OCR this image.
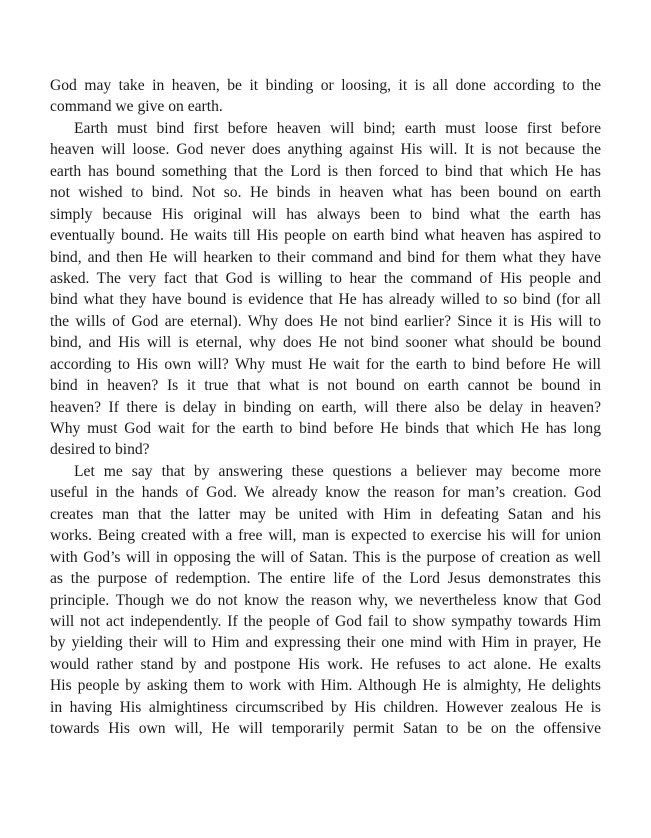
God may take in heaven, be it binding or loosing, it is all done according to the
command we give on earth.
Earth must bind first before heaven will bind; earth must loose first before
heaven will loose. God never does anything against His will. It is not because the
earth has bound something that the Lord is then forced to bind that which He has
not wished to bind. Not so. He binds in heaven what has been bound on earth
simply because His original will has always been to bind what the earth has
eventually bound. He waits till His people on earth bind what heaven has aspired to
bind, and then He will hearken to their command and bind for them what they have
asked. The very fact that God is willing to hear the command of His people and
bind what they have bound is evidence that He has already willed to so bind (for all
the wills of God are eternal). Why does He not bind earlier? Since it is His will to
bind, and His will is eternal, why does He not bind sooner what should be bound
according to His own will? Why must He wait for the earth to bind before He will
bind in heaven? Is it true that what is not bound on earth cannot be bound in
heaven? If there is delay in binding on earth, will there also be delay in heaven?
Why must God wait for the earth to bind before He binds that which He has long
desired to bind?
Let me say that by answering these questions a believer may become more
useful in the hands of God. We already know the reason for man’s creation. God
creates man that the latter may be united with Him in defeating Satan and his
works. Being created with a free will, man is expected to exercise his will for union
with God’s will in opposing the will of Satan. This is the purpose of creation as well
as the purpose of redemption. The entire life of the Lord Jesus demonstrates this
principle. Though we do not know the reason why, we nevertheless know that God
will not act independently. If the people of God fail to show sympathy towards Him
by yielding their will to Him and expressing their one mind with Him in prayer, He
would rather stand by and postpone His work. He refuses to act alone. He exalts
His people by asking them to work with Him. Although He is almighty, He delights
in having His almightiness circumscribed by His children. However zealous He is
towards His own will, He will temporarily permit Satan to be on the offensive
